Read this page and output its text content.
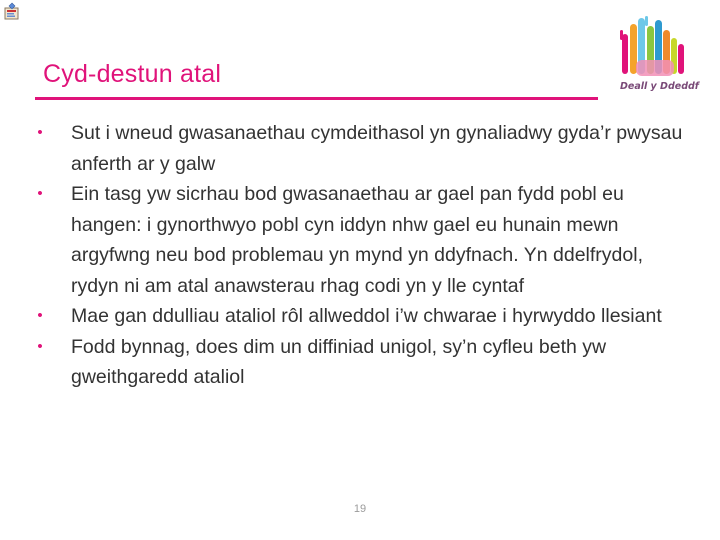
Cyd-destun atal	Deall y Ddeddf
•	Sut i wneud gwasanaethau cymdeithasol yn gynaliadwy gyda’r pwysau anferth ar y galw
•	Ein tasg yw sicrhau bod gwasanaethau ar gael pan fydd pobl eu hangen: i gynorthwyo pobl cyn iddyn nhw gael eu hunain mewn argyfwng neu bod problemau yn mynd yn ddyfnach. Yn ddelfrydol, rydyn ni am atal anawsterau rhag codi yn y lle cyntaf
•	Mae gan ddulliau ataliol rôl allweddol i’w chwarae i hyrwyddo llesiant
•	Fodd bynnag, does dim un diffiniad unigol, sy’n cyfleu beth yw gweithgaredd ataliol
19
